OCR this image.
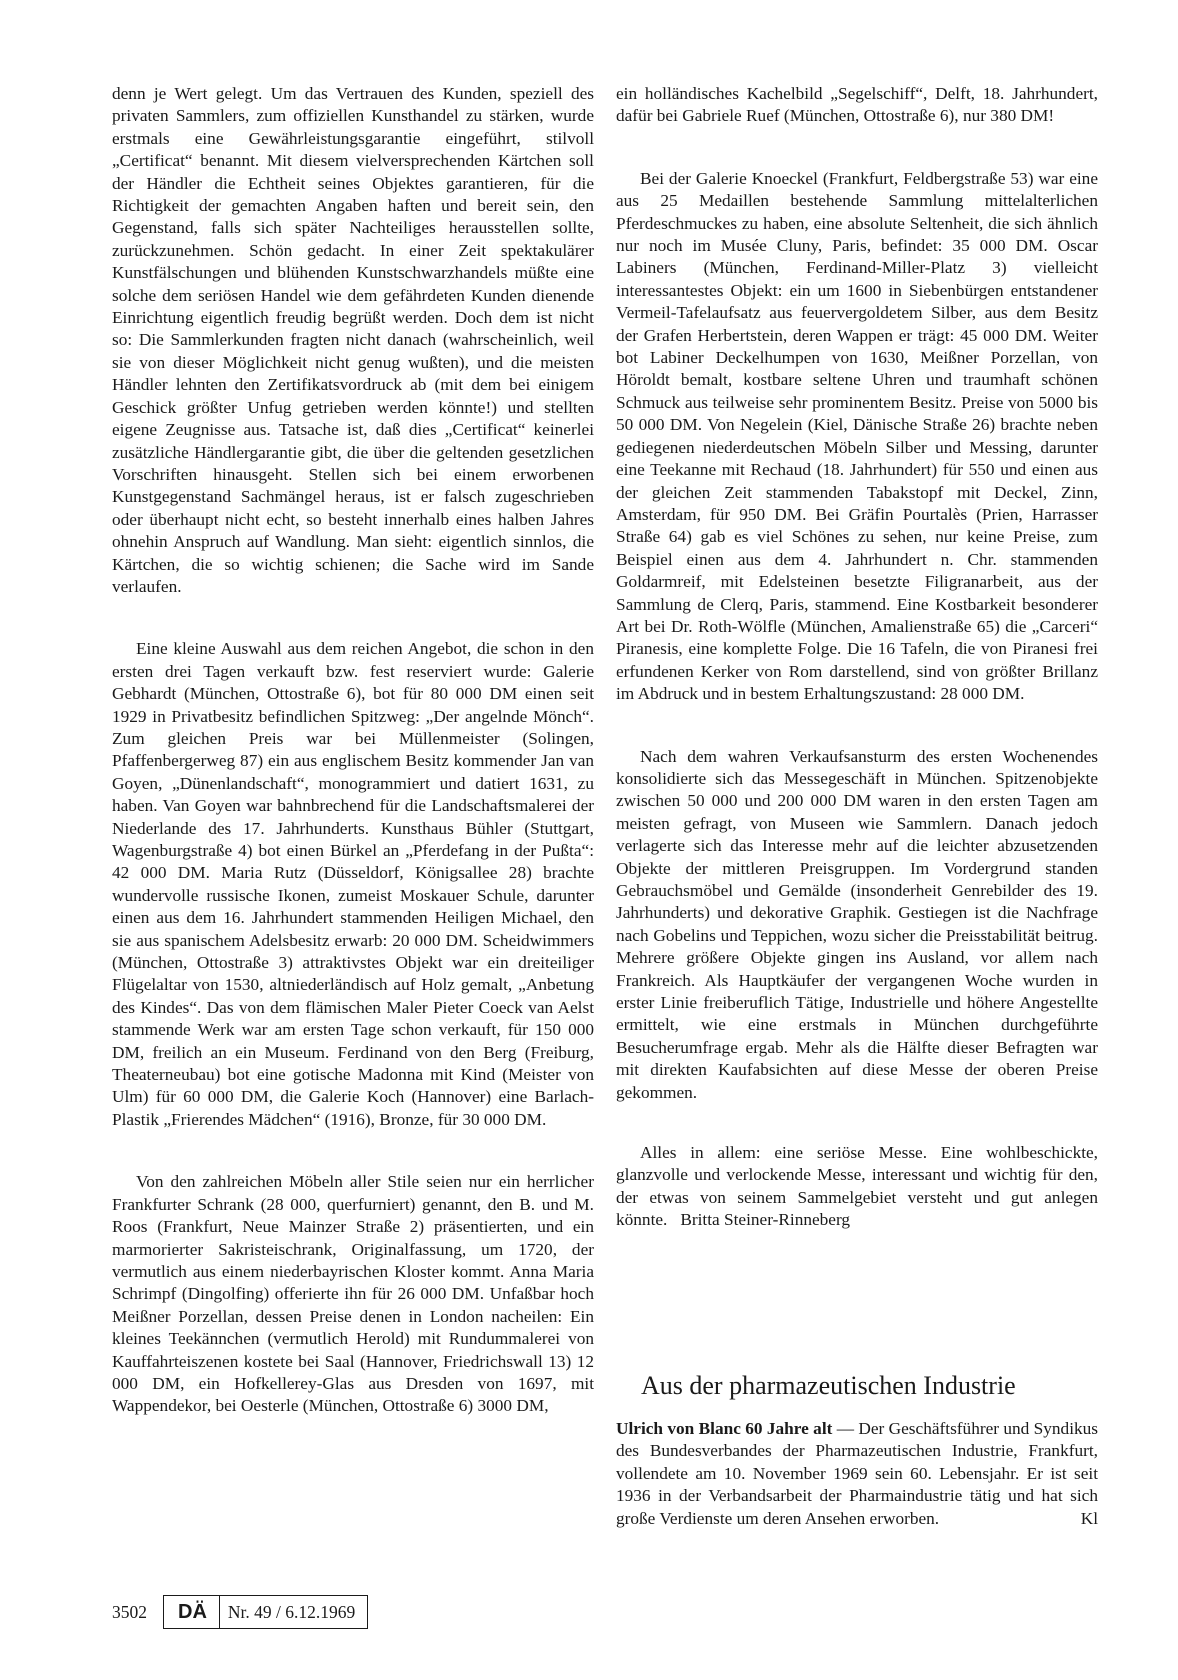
denn je Wert gelegt. Um das Vertrauen des Kunden, speziell des privaten Sammlers, zum offiziellen Kunsthandel zu stärken, wurde erstmals eine Gewährleistungsgarantie eingeführt, stilvoll „Certificat“ benannt. Mit diesem vielversprechenden Kärtchen soll der Händler die Echtheit seines Objektes garantieren, für die Richtigkeit der gemachten Angaben haften und bereit sein, den Gegenstand, falls sich später Nachteiliges herausstellen sollte, zurückzunehmen. Schön gedacht. In einer Zeit spektakulärer Kunstfälschungen und blühenden Kunstschwarzhandels müßte eine solche dem seriösen Handel wie dem gefährdeten Kunden dienende Einrichtung eigentlich freudig begrüßt werden. Doch dem ist nicht so: Die Sammlerkunden fragten nicht danach (wahrscheinlich, weil sie von dieser Möglichkeit nicht genug wußten), und die meisten Händler lehnten den Zertifikatsvordruck ab (mit dem bei einigem Geschick größter Unfug getrieben werden könnte!) und stellten eigene Zeugnisse aus. Tatsache ist, daß dies „Certificat“ keinerlei zusätzliche Händlergarantie gibt, die über die geltenden gesetzlichen Vorschriften hinausgeht. Stellen sich bei einem erworbenen Kunstgegenstand Sachmängel heraus, ist er falsch zugeschrieben oder überhaupt nicht echt, so besteht innerhalb eines halben Jahres ohnehin Anspruch auf Wandlung. Man sieht: eigentlich sinnlos, die Kärtchen, die so wichtig schienen; die Sache wird im Sande verlaufen.

Eine kleine Auswahl aus dem reichen Angebot, die schon in den ersten drei Tagen verkauft bzw. fest reserviert wurde: Galerie Gebhardt (München, Ottostraße 6), bot für 80 000 DM einen seit 1929 in Privatbesitz befindlichen Spitzweg: „Der angelnde Mönch“. Zum gleichen Preis war bei Müllenmeister (Solingen, Pfaffenbergerweg 87) ein aus englischem Besitz kommender Jan van Goyen, „Dünenlandschaft“, monogrammiert und datiert 1631, zu haben. Van Goyen war bahnbrechend für die Landschaftsmalerei der Niederlande des 17. Jahrhunderts. Kunsthaus Bühler (Stuttgart, Wagenburgstraße 4) bot einen Bürkel an „Pferdefang in der Pußta“: 42 000 DM. Maria Rutz (Düsseldorf, Königsallee 28) brachte wundervolle russische Ikonen, zumeist Moskauer Schule, darunter einen aus dem 16. Jahrhundert stammenden Heiligen Michael, den sie aus spanischem Adelsbesitz erwarb: 20 000 DM. Scheidwimmers (München, Ottostraße 3) attraktivstes Objekt war ein dreiteiliger Flügelaltar von 1530, altniederländisch auf Holz gemalt, „Anbetung des Kindes“. Das von dem flämischen Maler Pieter Coeck van Aelst stammende Werk war am ersten Tage schon verkauft, für 150 000 DM, freilich an ein Museum. Ferdinand von den Berg (Freiburg, Theaterneubau) bot eine gotische Madonna mit Kind (Meister von Ulm) für 60 000 DM, die Galerie Koch (Hannover) eine Barlach-Plastik „Frierendes Mädchen“ (1916), Bronze, für 30 000 DM.

Von den zahlreichen Möbeln aller Stile seien nur ein herrlicher Frankfurter Schrank (28 000, querfurniert) genannt, den B. und M. Roos (Frankfurt, Neue Mainzer Straße 2) präsentierten, und ein marmorierter Sakristeischrank, Originalfassung, um 1720, der vermutlich aus einem niederbayrischen Kloster kommt. Anna Maria Schrimpf (Dingolfing) offerierte ihn für 26 000 DM. Unfaßbar hoch Meißner Porzellan, dessen Preise denen in London nacheilen: Ein kleines Teekännchen (vermutlich Herold) mit Rundummalerei von Kauffahrteiszenen kostete bei Saal (Hannover, Friedrichswall 13) 12 000 DM, ein Hofkellerey-Glas aus Dresden von 1697, mit Wappendekor, bei Oesterle (München, Ottostraße 6) 3000 DM,

ein holländisches Kachelbild „Segelschiff“, Delft, 18. Jahrhundert, dafür bei Gabriele Ruef (München, Ottostraße 6), nur 380 DM!

Bei der Galerie Knoeckel (Frankfurt, Feldbergstraße 53) war eine aus 25 Medaillen bestehende Sammlung mittelalterlichen Pferdeschmuckes zu haben, eine absolute Seltenheit, die sich ähnlich nur noch im Musée Cluny, Paris, befindet: 35 000 DM. Oscar Labiners (München, Ferdinand-Miller-Platz 3) vielleicht interessantestes Objekt: ein um 1600 in Siebenbürgen entstandener Vermeil-Tafelaufsatz aus feuervergoldetem Silber, aus dem Besitz der Grafen Herbertstein, deren Wappen er trägt: 45 000 DM. Weiter bot Labiner Deckelhumpen von 1630, Meißner Porzellan, von Höroldt bemalt, kostbare seltene Uhren und traumhaft schönen Schmuck aus teilweise sehr prominentem Besitz. Preise von 5000 bis 50 000 DM. Von Negelein (Kiel, Dänische Straße 26) brachte neben gediegenen niederdeutschen Möbeln Silber und Messing, darunter eine Teekanne mit Rechaud (18. Jahrhundert) für 550 und einen aus der gleichen Zeit stammenden Tabakstopf mit Deckel, Zinn, Amsterdam, für 950 DM. Bei Gräfin Pourtalès (Prien, Harrasser Straße 64) gab es viel Schönes zu sehen, nur keine Preise, zum Beispiel einen aus dem 4. Jahrhundert n. Chr. stammenden Goldarmreif, mit Edelsteinen besetzte Filigranarbeit, aus der Sammlung de Clerq, Paris, stammend. Eine Kostbarkeit besonderer Art bei Dr. Roth-Wölfle (München, Amalienstraße 65) die „Carceri“ Piranesis, eine komplette Folge. Die 16 Tafeln, die von Piranesi frei erfundenen Kerker von Rom darstellend, sind von größter Brillanz im Abdruck und in bestem Erhaltungszustand: 28 000 DM.

Nach dem wahren Verkaufsansturm des ersten Wochenendes konsolidierte sich das Messegeschäft in München. Spitzenobjekte zwischen 50 000 und 200 000 DM waren in den ersten Tagen am meisten gefragt, von Museen wie Sammlern. Danach jedoch verlagerte sich das Interesse mehr auf die leichter abzusetzenden Objekte der mittleren Preisgruppen. Im Vordergrund standen Gebrauchsmöbel und Gemälde (insonderheit Genrebilder des 19. Jahrhunderts) und dekorative Graphik. Gestiegen ist die Nachfrage nach Gobelins und Teppichen, wozu sicher die Preisstabilität beitrug. Mehrere größere Objekte gingen ins Ausland, vor allem nach Frankreich. Als Hauptkäufer der vergangenen Woche wurden in erster Linie freiberuflich Tätige, Industrielle und höhere Angestellte ermittelt, wie eine erstmals in München durchgeführte Besucherumfrage ergab. Mehr als die Hälfte dieser Befragten war mit direkten Kaufabsichten auf diese Messe der oberen Preise gekommen.

Alles in allem: eine seriöse Messe. Eine wohlbeschickte, glanzvolle und verlockende Messe, interessant und wichtig für den, der etwas von seinem Sammelgebiet versteht und gut anlegen könnte. Britta Steiner-Rinneberg

Aus der pharmazeutischen Industrie
Ulrich von Blanc 60 Jahre alt — Der Geschäftsführer und Syndikus des Bundesverbandes der Pharmazeutischen Industrie, Frankfurt, vollendete am 10. November 1969 sein 60. Lebensjahr. Er ist seit 1936 in der Verbandsarbeit der Pharmaindustrie tätig und hat sich große Verdienste um deren Ansehen erworben.	Kl
3502	DÄ	Nr. 49 / 6.12.1969
